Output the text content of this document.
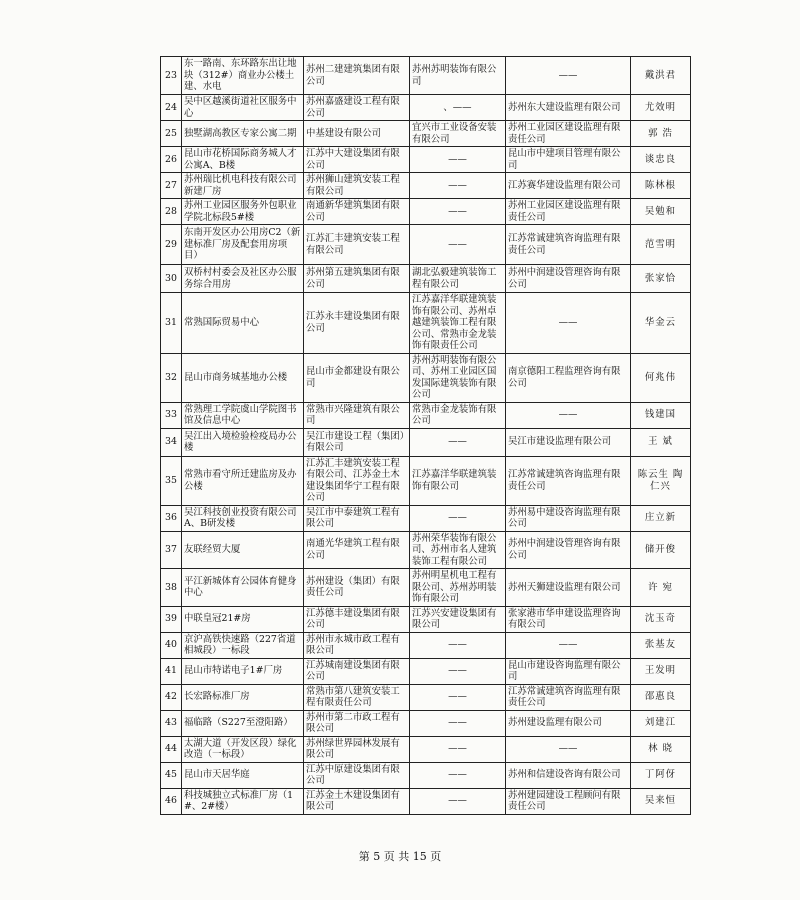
23	东一路南、东环路东出让地块（312#）商业办公楼土建、水电	苏州二建建筑集团有限公司	苏州苏明装饰有限公司	——	戴洪君
24	吴中区越溪街道社区服务中心	苏州嘉盛建设工程有限公司	、——	苏州东大建设监理有限公司	尤效明
25	独墅湖高教区专家公寓二期	中基建设有限公司	宜兴市工业设备安装有限公司	苏州工业园区建设监理有限责任公司	郭 浩
26	昆山市花桥国际商务城人才公寓A、B楼	江苏中大建设集团有限公司	——	昆山市中建项目管理有限公司	谈忠良
27	苏州瑞比机电科技有限公司新建厂房	苏州狮山建筑安装工程有限公司	——	江苏赛华建设监理有限公司	陈林根
28	苏州工业园区服务外包职业学院北标段5#楼	南通新华建筑集团有限公司	——	苏州工业园区建设监理有限责任公司	吴勉和
29	东南开发区办公用房C2（新建标准厂房及配套用房项目）	江苏汇丰建筑安装工程有限公司	——	江苏常诚建筑咨询监理有限责任公司	范雪明
30	双桥村村委会及社区办公服务综合用房	苏州第五建筑集团有限公司	湖北弘毅建筑装饰工程有限公司	苏州中润建设管理咨询有限公司	张家恰
31	常熟国际贸易中心	江苏永丰建设集团有限公司	江苏嘉洋华联建筑装饰有限公司、苏州卓越建筑装饰工程有限公司、常熟市金龙装饰有限责任公司	——	华金云
32	昆山市商务城基地办公楼	昆山市金都建设有限公司	苏州苏明装饰有限公司、苏州工业园区国发国际建筑装饰有限公司	南京德阳工程监理咨询有限公司	何兆伟
33	常熟理工学院虞山学院图书馆及信息中心	常熟市兴隆建筑有限公司	常熟市金龙装饰有限公司	——	钱建国
34	吴江出入境检验检疫局办公楼	吴江市建设工程（集团）有限公司	——	吴江市建设监理有限公司	王 斌
35	常熟市看守所迁建监房及办公楼	江苏汇丰建筑安装工程有限公司、江苏金土木建设集团华宁工程有限公司	江苏嘉洋华联建筑装饰有限公司	江苏常诚建筑咨询监理有限责任公司	陈云生 陶仁兴
36	吴江科技创业投资有限公司A、B研发楼	吴江市中泰建筑工程有限公司	——	苏州易中建设咨询监理有限公司	庄立新
37	友联经贸大厦	南通光华建筑工程有限公司	苏州荣华装饰有限公司、苏州市名人建筑装饰工程有限公司	苏州中润建设管理咨询有限公司	储开俊
38	平江新城体育公园体育健身中心	苏州建设（集团）有限责任公司	苏州明星机电工程有限公司、苏州苏明装饰有限公司	苏州天狮建设监理有限公司	许 宛
39	中联皇冠21#房	江苏德丰建设集团有限公司	江苏兴安建设集团有限公司	张家港市华申建设监理咨询有限公司	沈玉奇
40	京沪高铁快速路（227省道相城段）一标段	苏州市永城市政工程有限公司	——	——	张基友
41	昆山市特诺电子1#厂房	江苏城南建设集团有限公司	——	昆山市建设咨询监理有限公司	王发明
42	长宏路标准厂房	常熟市第八建筑安装工程有限责任公司	——	江苏常诚建筑咨询监理有限责任公司	邵惠良
43	福临路（S227至澄阳路）	苏州市第二市政工程有限公司	——	苏州建设监理有限公司	刘建江
44	太湖大道（开发区段）绿化改造（一标段）	苏州绿世界园林发展有限公司	——	——	林 晓
45	昆山市天居华庭	江苏中原建设集团有限公司	——	苏州和信建设咨询有限公司	丁阿伢
46	科技城独立式标准厂房（1#、2#楼）	江苏金土木建设集团有限公司	——	苏州建园建设工程顾问有限责任公司	吴来恒
第 5 页 共 15 页
